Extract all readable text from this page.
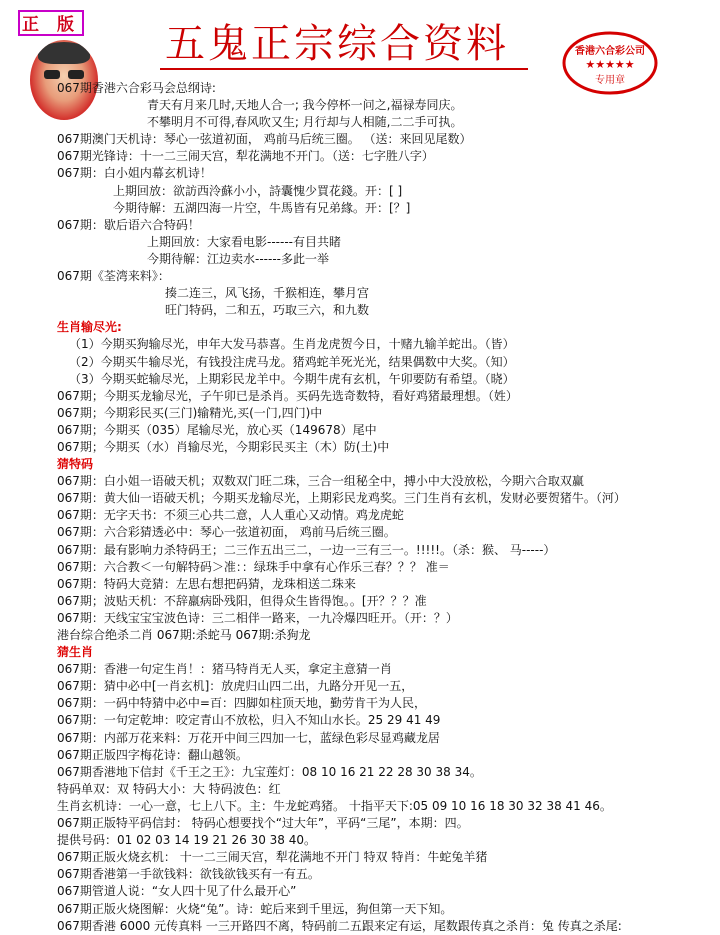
正 版 五鬼正宗综合资料	香港六合彩公司
★★★★★
专用章
067期香港六合彩马会总纲诗:
青天有月来几时,天地人合一; 我今停杯一问之,福禄寿同庆。
不攀明月不可得,春风吹又生; 月行却与人相随,二二手可执。
067期澳门天机诗：琴心一弦道初面， 鸡前马后统三圈。 （送：来回见尾数）
067期光锋诗：十一二三闹天宫，犁花满地不开门。（送：七字胜八字）
067期：白小姐内幕玄机诗！
上期回放：欲訪西泠蘇小小，詩囊愧少買花錢。开：[ ]
今期待解：五湖四海一片空，牛馬皆有兄弟緣。开：[？]
067期：歇后语六合特码！
上期回放：大家看电影------有目共睹
今期待解：江边卖水------多此一举
067期《荃湾来料》：
揍二连三，风飞扬，千猴相连，攀月宫
旺门特码，二和五，巧取三六，和九数
生肖输尽光:
（1）今期买狗输尽光，申年大发马恭喜。生肖龙虎贺今日，十赌九输羊蛇出。（皆）
（2）今期买牛输尽光，有钱投注虎马龙。猪鸡蛇羊死光光，结果偶数中大奖。（知）
（3）今期买蛇输尽光，上期彩民龙羊中。今期牛虎有玄机，午卯要防有希望。（晓）
067期；今期买龙输尽光，子午卯已是杀肖。买码先选奇数特，看好鸡猪最理想。（姓）
067期；今期彩民买(三门)输精光,买(一门,四门)中
067期；今期买（035）尾输尽光，放心买（149678）尾中
067期；今期买（水）肖输尽光，今期彩民买主（木）防(土)中
猜特码
067期：白小姐一语破天机；双数双门旺二珠，三合一组秘全中，搏小中大没放松，今期六合取双赢
067期：黄大仙一语破天机；今期买龙输尽光，上期彩民龙鸡奖。三门生肖有玄机，发财必要贺猪牛。（河）
067期：无字天书：不须三心共二意，人人重心又动情。鸡龙虎蛇
067期：六合彩猜透必中：琴心一弦道初面， 鸡前马后统三圈。
067期：最有影响力杀特码王；二三作五出三二，一边一三有三一。!!!!!。（杀：猴、 马-----）
067期：六合教＜一句解特码＞准：：绿珠手中拿有心作乐三春？？？ 准＝
067期：特码大竞猜：左思右想把码猜，龙珠相送二珠来
067期；波贴天机：不辞羸病卧残阳，但得众生皆得饱。。[开？？？准
067期：天线宝宝宝波色诗：三二相伴一路来，一九冷爆四旺开。（开：？）
港台综合绝杀二肖 067期:杀蛇马 067期:杀狗龙
猜生肖
067期：香港一句定生肖！：猪马特肖无人买，拿定主意猜一肖
067期：猜中必中[一肖玄机]：放虎归山四二出，九路分开见一五，
067期：一码中特猜中必中=百：四脚如柱顶天地，勤劳肯干为人民，
067期：一句定乾坤：咬定青山不放松，归入不知山水长。25 29 41 49
067期：内部万花来料：万花开中间三四加一七，蓝绿色彩尽显鸡藏龙居
067期正版四字梅花诗：翻山越领。
067期香港地下信封《千王之王》：九宝莲灯：08 10 16 21 22 28 30 38 34。
特码单双：双 特码大小：大 特码波色：红
生肖玄机诗：一心一意，七上八下。主：牛龙蛇鸡猪。 十指平天下:05 09 10 16 18 30 32 38 41 46。
067期正版特平码信封： 特码心想要找个“过大年”，平码“三尾”，本期：四。
提供号码：01 02 03 14 19 21 26 30 38 40。
067期正版火烧玄机： 十一二三闹天宫，犁花满地不开门 特双 特肖：牛蛇兔羊猪
067期香港第一手欲钱料：欲钱欲钱买有一有五。
067期管道人说：“女人四十见了什么最开心”
067期正版火烧图解：火烧“兔”。诗：蛇后来到千里远，狗但第一天下知。
067期香港 6000 元传真料 一三开路四不离，特码前二五跟来定有运，尾数跟传真之杀肖：兔 传真之杀尾:
